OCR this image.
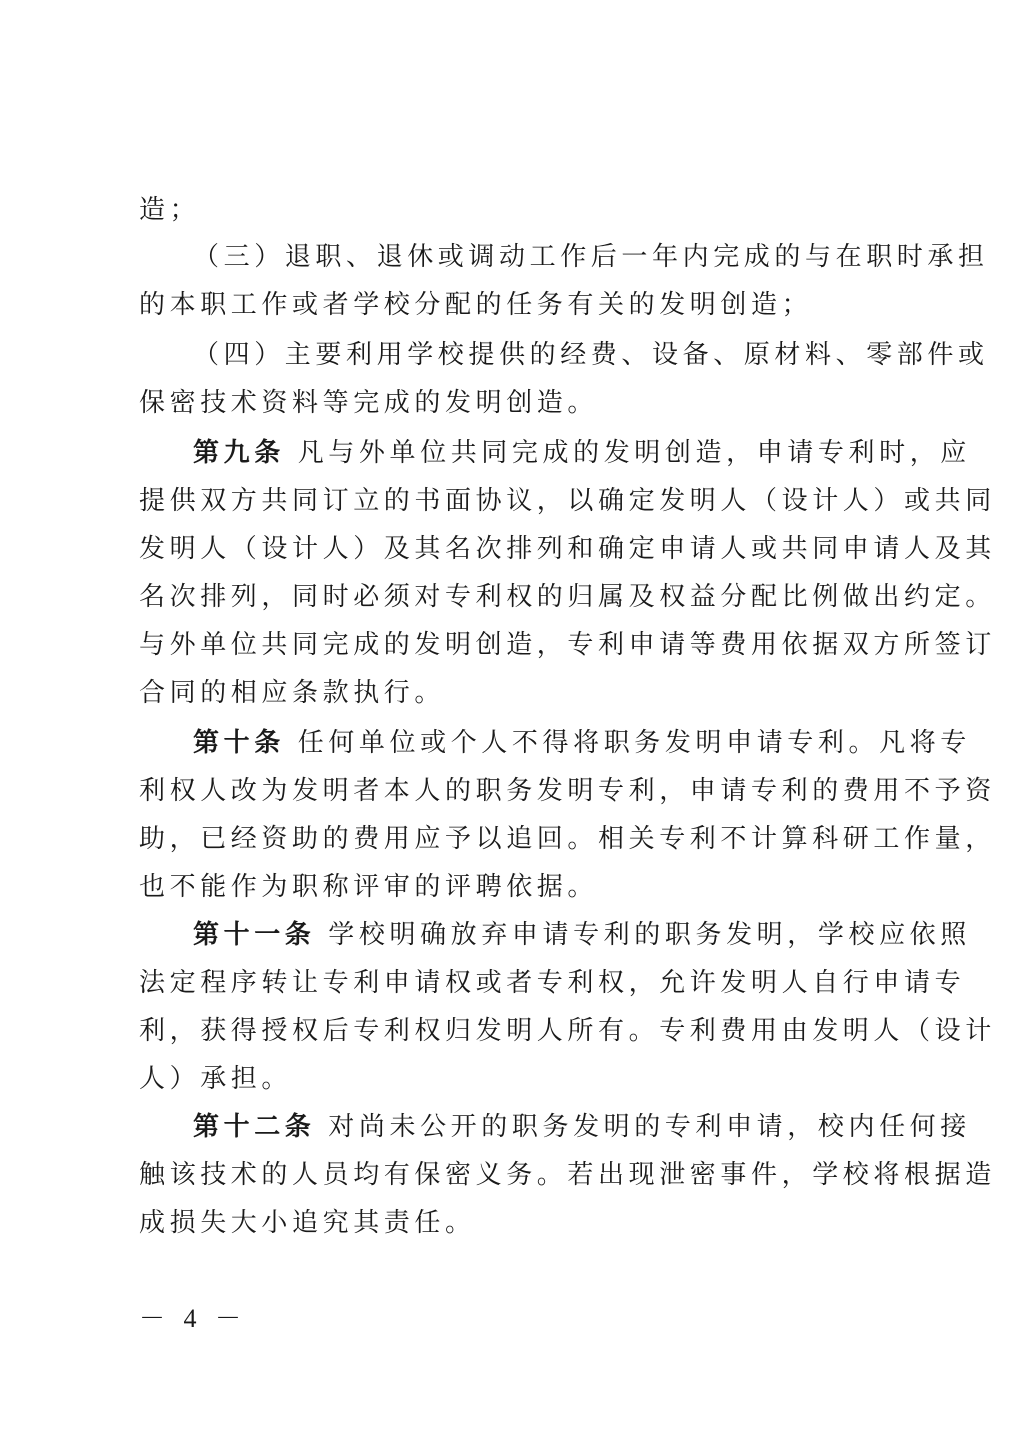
造；
（三）退职、退休或调动工作后一年内完成的与在职时承担
的本职工作或者学校分配的任务有关的发明创造；
（四）主要利用学校提供的经费、设备、原材料、零部件或
保密技术资料等完成的发明创造。
第九条 凡与外单位共同完成的发明创造，申请专利时，应
提供双方共同订立的书面协议，以确定发明人（设计人）或共同
发明人（设计人）及其名次排列和确定申请人或共同申请人及其
名次排列，同时必须对专利权的归属及权益分配比例做出约定。
与外单位共同完成的发明创造，专利申请等费用依据双方所签订
合同的相应条款执行。
第十条 任何单位或个人不得将职务发明申请专利。凡将专
利权人改为发明者本人的职务发明专利，申请专利的费用不予资
助，已经资助的费用应予以追回。相关专利不计算科研工作量，
也不能作为职称评审的评聘依据。
第十一条 学校明确放弃申请专利的职务发明，学校应依照
法定程序转让专利申请权或者专利权，允许发明人自行申请专
利，获得授权后专利权归发明人所有。专利费用由发明人（设计
人）承担。
第十二条 对尚未公开的职务发明的专利申请，校内任何接
触该技术的人员均有保密义务。若出现泄密事件，学校将根据造
成损失大小追究其责任。
－ 4 －
